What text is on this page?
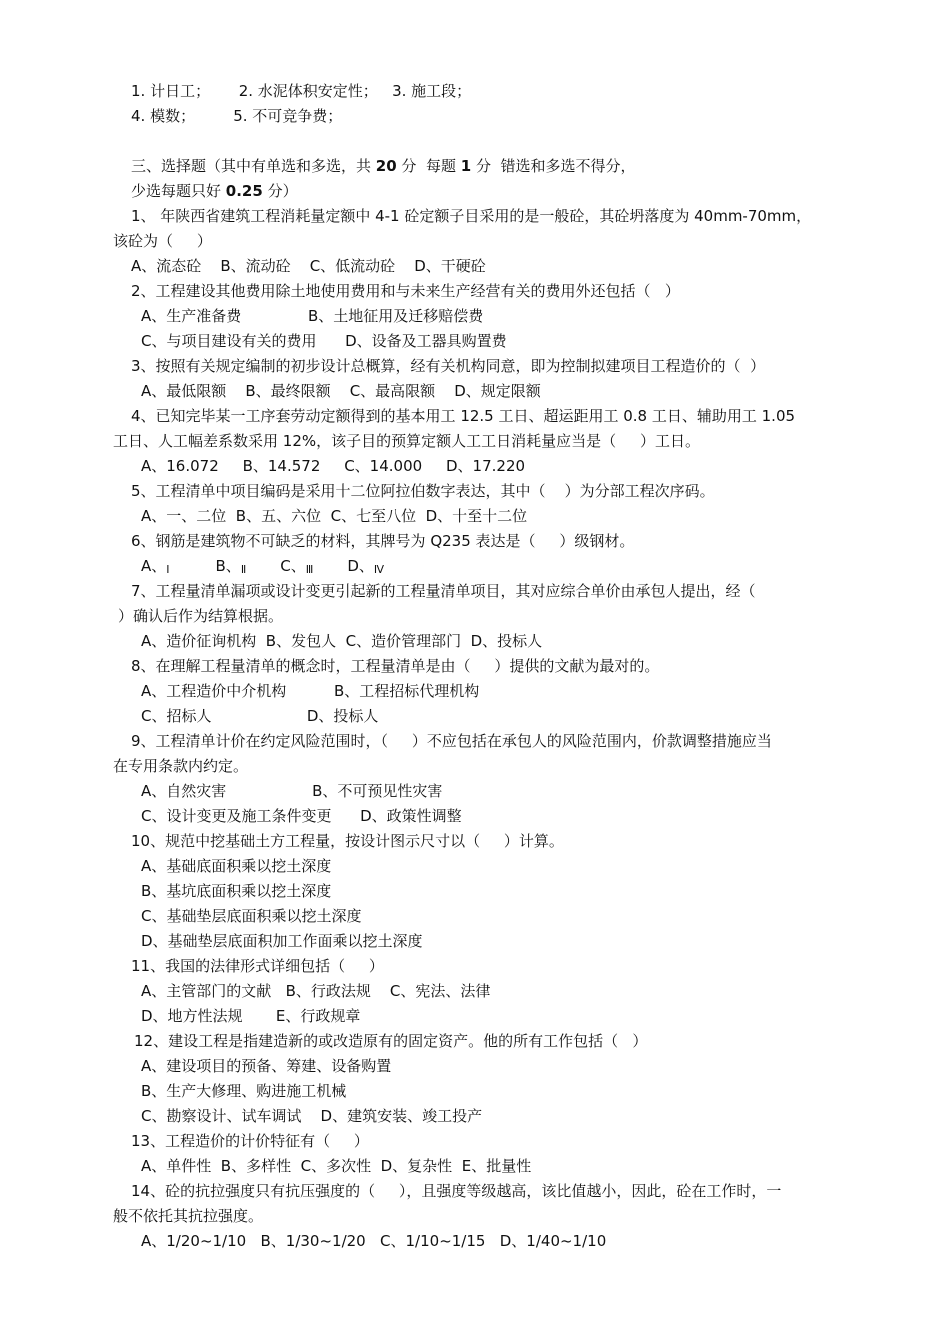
1. 计日工；      2. 水泥体积安定性；   3. 施工段；
4. 模数；        5. 不可竞争费；
三、选择题（其中有单选和多选，共 20 分  每题 1 分  错选和多选不得分，
少选每题只好 0.25 分）
1、 年陕西省建筑工程消耗量定额中 4-1 砼定额子目采用的是一般砼，其砼坍落度为 40mm-70mm，
该砼为（     ）
A、流态砼    B、流动砼    C、低流动砼    D、干硬砼
2、工程建设其他费用除土地使用费用和与未来生产经营有关的费用外还包括（   ）
A、生产准备费              B、土地征用及迁移赔偿费
C、与项目建设有关的费用      D、设备及工器具购置费
3、按照有关规定编制的初步设计总概算，经有关机构同意，即为控制拟建项目工程造价的（  ）
A、最低限额    B、最终限额    C、最高限额    D、规定限额
4、已知完毕某一工序套劳动定额得到的基本用工 12.5 工日、超运距用工 0.8 工日、辅助用工 1.05
工日、人工幅差系数采用 12%，该子目的预算定额人工工日消耗量应当是（     ）工日。
A、16.072     B、14.572     C、14.000     D、17.220
5、工程清单中项目编码是采用十二位阿拉伯数字表达，其中（    ）为分部工程次序码。
A、一、二位  B、五、六位  C、七至八位  D、十至十二位
6、钢筋是建筑物不可缺乏的材料，其牌号为 Q235 表达是（     ）级钢材。
A、Ⅰ	B、Ⅱ C、Ⅲ D、Ⅳ
7、工程量清单漏项或设计变更引起新的工程量清单项目，其对应综合单价由承包人提出，经（
）确认后作为结算根据。
A、造价征询机构  B、发包人  C、造价管理部门  D、投标人
8、在理解工程量清单的概念时，工程量清单是由（     ）提供的文献为最对的。
A、工程造价中介机构          B、工程招标代理机构
C、招标人                    D、投标人
9、工程清单计价在约定风险范围时，（     ）不应包括在承包人的风险范围内，价款调整措施应当
在专用条款内约定。
A、自然灾害                  B、不可预见性灾害
C、设计变更及施工条件变更      D、政策性调整
10、规范中挖基础土方工程量，按设计图示尺寸以（     ）计算。
A、基础底面积乘以挖土深度
B、基坑底面积乘以挖土深度
C、基础垫层底面积乘以挖土深度
D、基础垫层底面积加工作面乘以挖土深度
11、我国的法律形式详细包括（     ）
A、主管部门的文献   B、行政法规    C、宪法、法律
D、地方性法规       E、行政规章
12、建设工程是指建造新的或改造原有的固定资产。他的所有工作包括（   ）
A、建设项目的预备、筹建、设备购置
B、生产大修理、购进施工机械
C、勘察设计、试车调试    D、建筑安装、竣工投产
13、工程造价的计价特征有（     ）
A、单件性  B、多样性  C、多次性  D、复杂性  E、批量性
14、砼的抗拉强度只有抗压强度的（     ），且强度等级越高，该比值越小，因此，砼在工作时，一
般不依托其抗拉强度。
A、1/20~1/10   B、1/30~1/20   C、1/10~1/15   D、1/40~1/10
